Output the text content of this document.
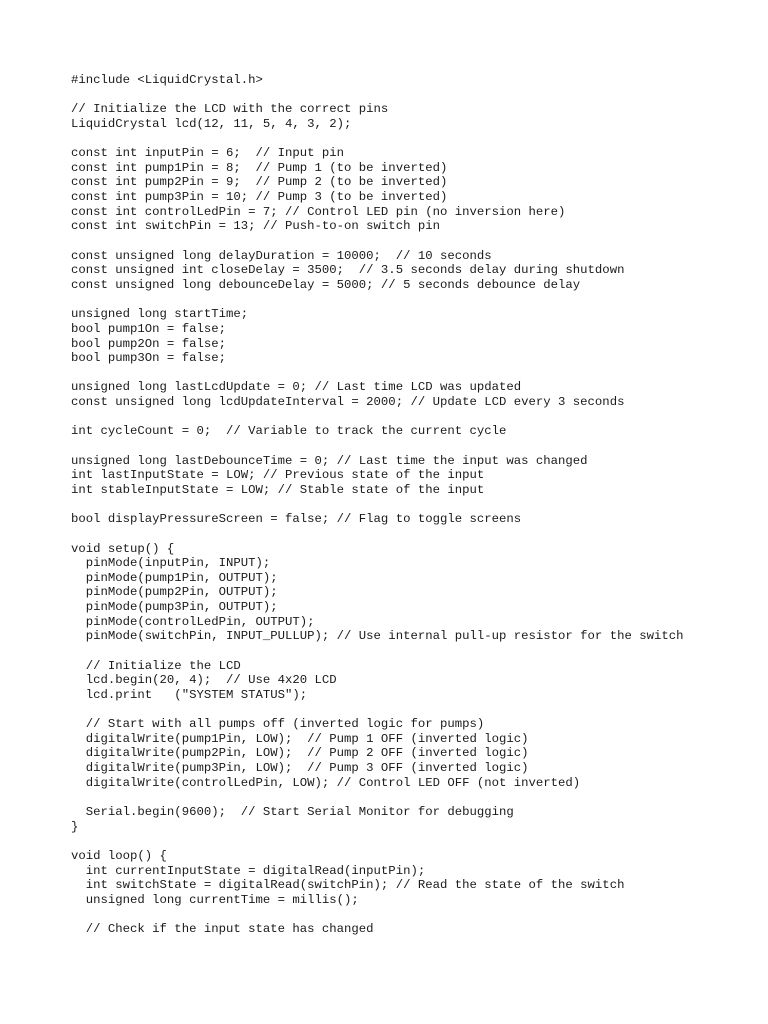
#include <LiquidCrystal.h>

// Initialize the LCD with the correct pins
LiquidCrystal lcd(12, 11, 5, 4, 3, 2);

const int inputPin = 6;  // Input pin
const int pump1Pin = 8;  // Pump 1 (to be inverted)
const int pump2Pin = 9;  // Pump 2 (to be inverted)
const int pump3Pin = 10; // Pump 3 (to be inverted)
const int controlLedPin = 7; // Control LED pin (no inversion here)
const int switchPin = 13; // Push-to-on switch pin

const unsigned long delayDuration = 10000;  // 10 seconds
const unsigned int closeDelay = 3500;  // 3.5 seconds delay during shutdown
const unsigned long debounceDelay = 5000; // 5 seconds debounce delay

unsigned long startTime;
bool pump1On = false;
bool pump2On = false;
bool pump3On = false;

unsigned long lastLcdUpdate = 0; // Last time LCD was updated
const unsigned long lcdUpdateInterval = 2000; // Update LCD every 3 seconds

int cycleCount = 0;  // Variable to track the current cycle

unsigned long lastDebounceTime = 0; // Last time the input was changed
int lastInputState = LOW; // Previous state of the input
int stableInputState = LOW; // Stable state of the input

bool displayPressureScreen = false; // Flag to toggle screens

void setup() {
pinMode(inputPin, INPUT);
pinMode(pump1Pin, OUTPUT);
pinMode(pump2Pin, OUTPUT);
pinMode(pump3Pin, OUTPUT);
pinMode(controlLedPin, OUTPUT);
pinMode(switchPin, INPUT_PULLUP); // Use internal pull-up resistor for the switch

// Initialize the LCD
lcd.begin(20, 4);  // Use 4x20 LCD
lcd.print   ("SYSTEM STATUS");

// Start with all pumps off (inverted logic for pumps)
digitalWrite(pump1Pin, LOW);  // Pump 1 OFF (inverted logic)
digitalWrite(pump2Pin, LOW);  // Pump 2 OFF (inverted logic)
digitalWrite(pump3Pin, LOW);  // Pump 3 OFF (inverted logic)
digitalWrite(controlLedPin, LOW); // Control LED OFF (not inverted)

Serial.begin(9600);  // Start Serial Monitor for debugging
}

void loop() {
int currentInputState = digitalRead(inputPin);
int switchState = digitalRead(switchPin); // Read the state of the switch
unsigned long currentTime = millis();

// Check if the input state has changed
